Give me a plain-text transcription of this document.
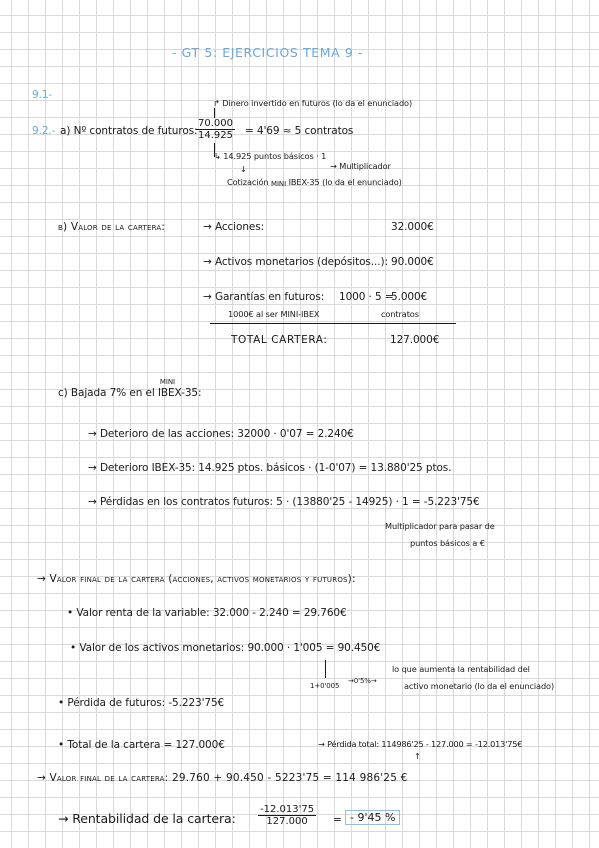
- GT 5: EJERCICIOS TEMA 9 -
9.1-
9.2.-
↱ Dinero invertido en futuros (lo da el enunciado)
a) Nº contratos de futuros:
$\frac{70.000}{14.925} = 4'69 \approx 5$ contratos
↳ 14.925 puntos básicos · 1
→ Multiplicador
↓
Cotización MINI IBEX-35 (lo da el enunciado)
b) Valor de la cartera:	→ Acciones:	32.000€
→ Activos monetarios (depósitos...): 90.000€
→ Garantías en futuros: 1000 · 5 =
5.000€
1000€ al ser MINI-IBEX	contratos
TOTAL CARTERA:	127.000€
c) Bajada 7% en el
MINI
IBEX-35:
→ Deterioro de las acciones: 32000 · 0'07 = 2.240€
→ Deterioro IBEX-35: 14.925 ptos. básicos · (1-0'07) = 13.880'25 ptos.
→ Pérdidas en los contratos futuros: 5 · (13880'25 - 14925) · 1 = -5.223'75€
Multiplicador para pasar de
puntos básicos a €
→ Valor final de la cartera (acciones, activos monetarios y futuros):
• Valor renta de la variable: 32.000 - 2.240 = 29.760€
• Valor de los activos monetarios: 90.000 · 1'005 = 90.450€
1+0'005
→0'5%→
lo que aumenta la rentabilidad del
activo monetario (lo da el enunciado)
• Pérdida de futuros: -5.223'75€
• Total de la cartera = 127.000€	→ Pérdida total: 114986'25 - 127.000 = -12.013'75€
↑
→ Valor final de la cartera: 29.760 + 90.450 - 5223'75 = 114 986'25 €
→ Rentabilidad de la cartera: $\frac{-12.013'75}{127.000}$ = - 9'45 %
